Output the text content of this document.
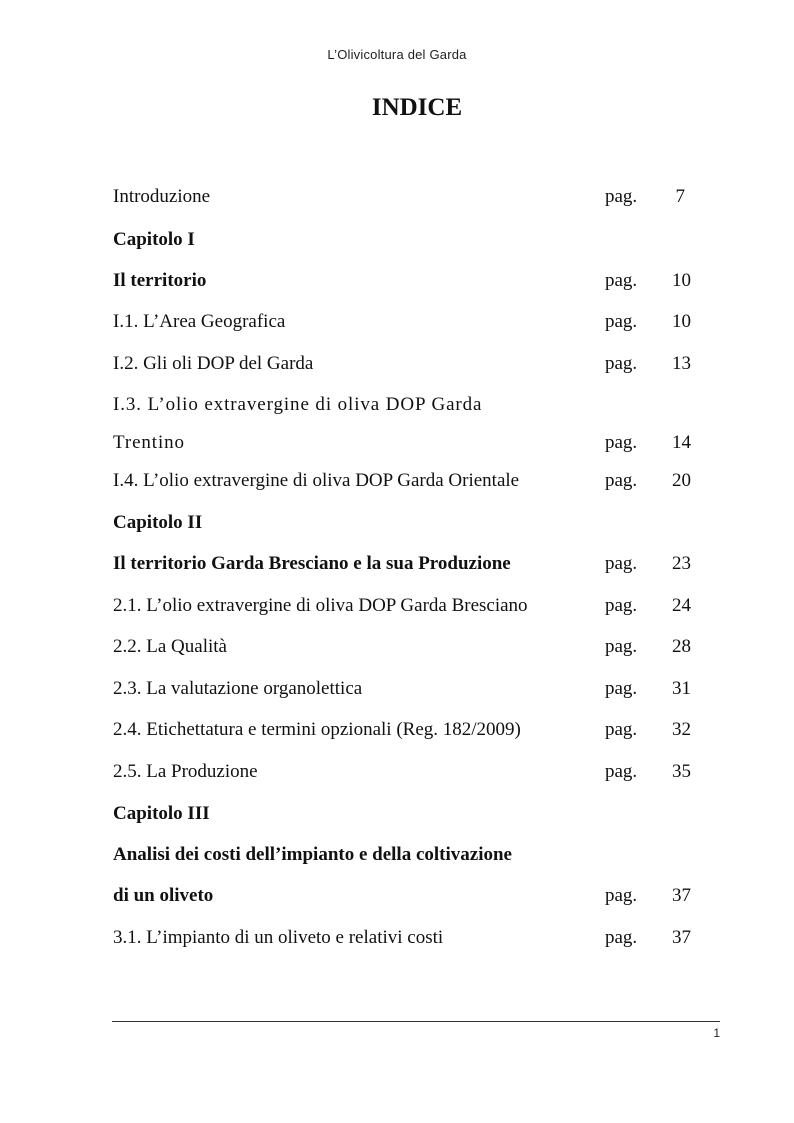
L’Olivicoltura del Garda
INDICE
Introduzione	pag. 7
Capitolo I
Il territorio	pag. 10
I.1. L’Area Geografica	pag. 10
I.2. Gli oli DOP del Garda	pag. 13
I.3. L’olio extravergine di oliva DOP Garda
Trentino	pag. 14
I.4. L’olio extravergine di oliva DOP Garda Orientale	pag. 20
Capitolo II
Il territorio Garda Bresciano e la sua Produzione	pag. 23
2.1. L’olio extravergine di oliva DOP Garda Bresciano	pag. 24
2.2. La Qualità	pag. 28
2.3. La valutazione organolettica	pag. 31
2.4. Etichettatura e termini opzionali (Reg. 182/2009)	pag. 32
2.5. La Produzione	pag. 35
Capitolo III
Analisi dei costi dell’impianto e della coltivazione
di un oliveto	pag. 37
3.1. L’impianto di un oliveto e relativi costi	pag. 37
1
